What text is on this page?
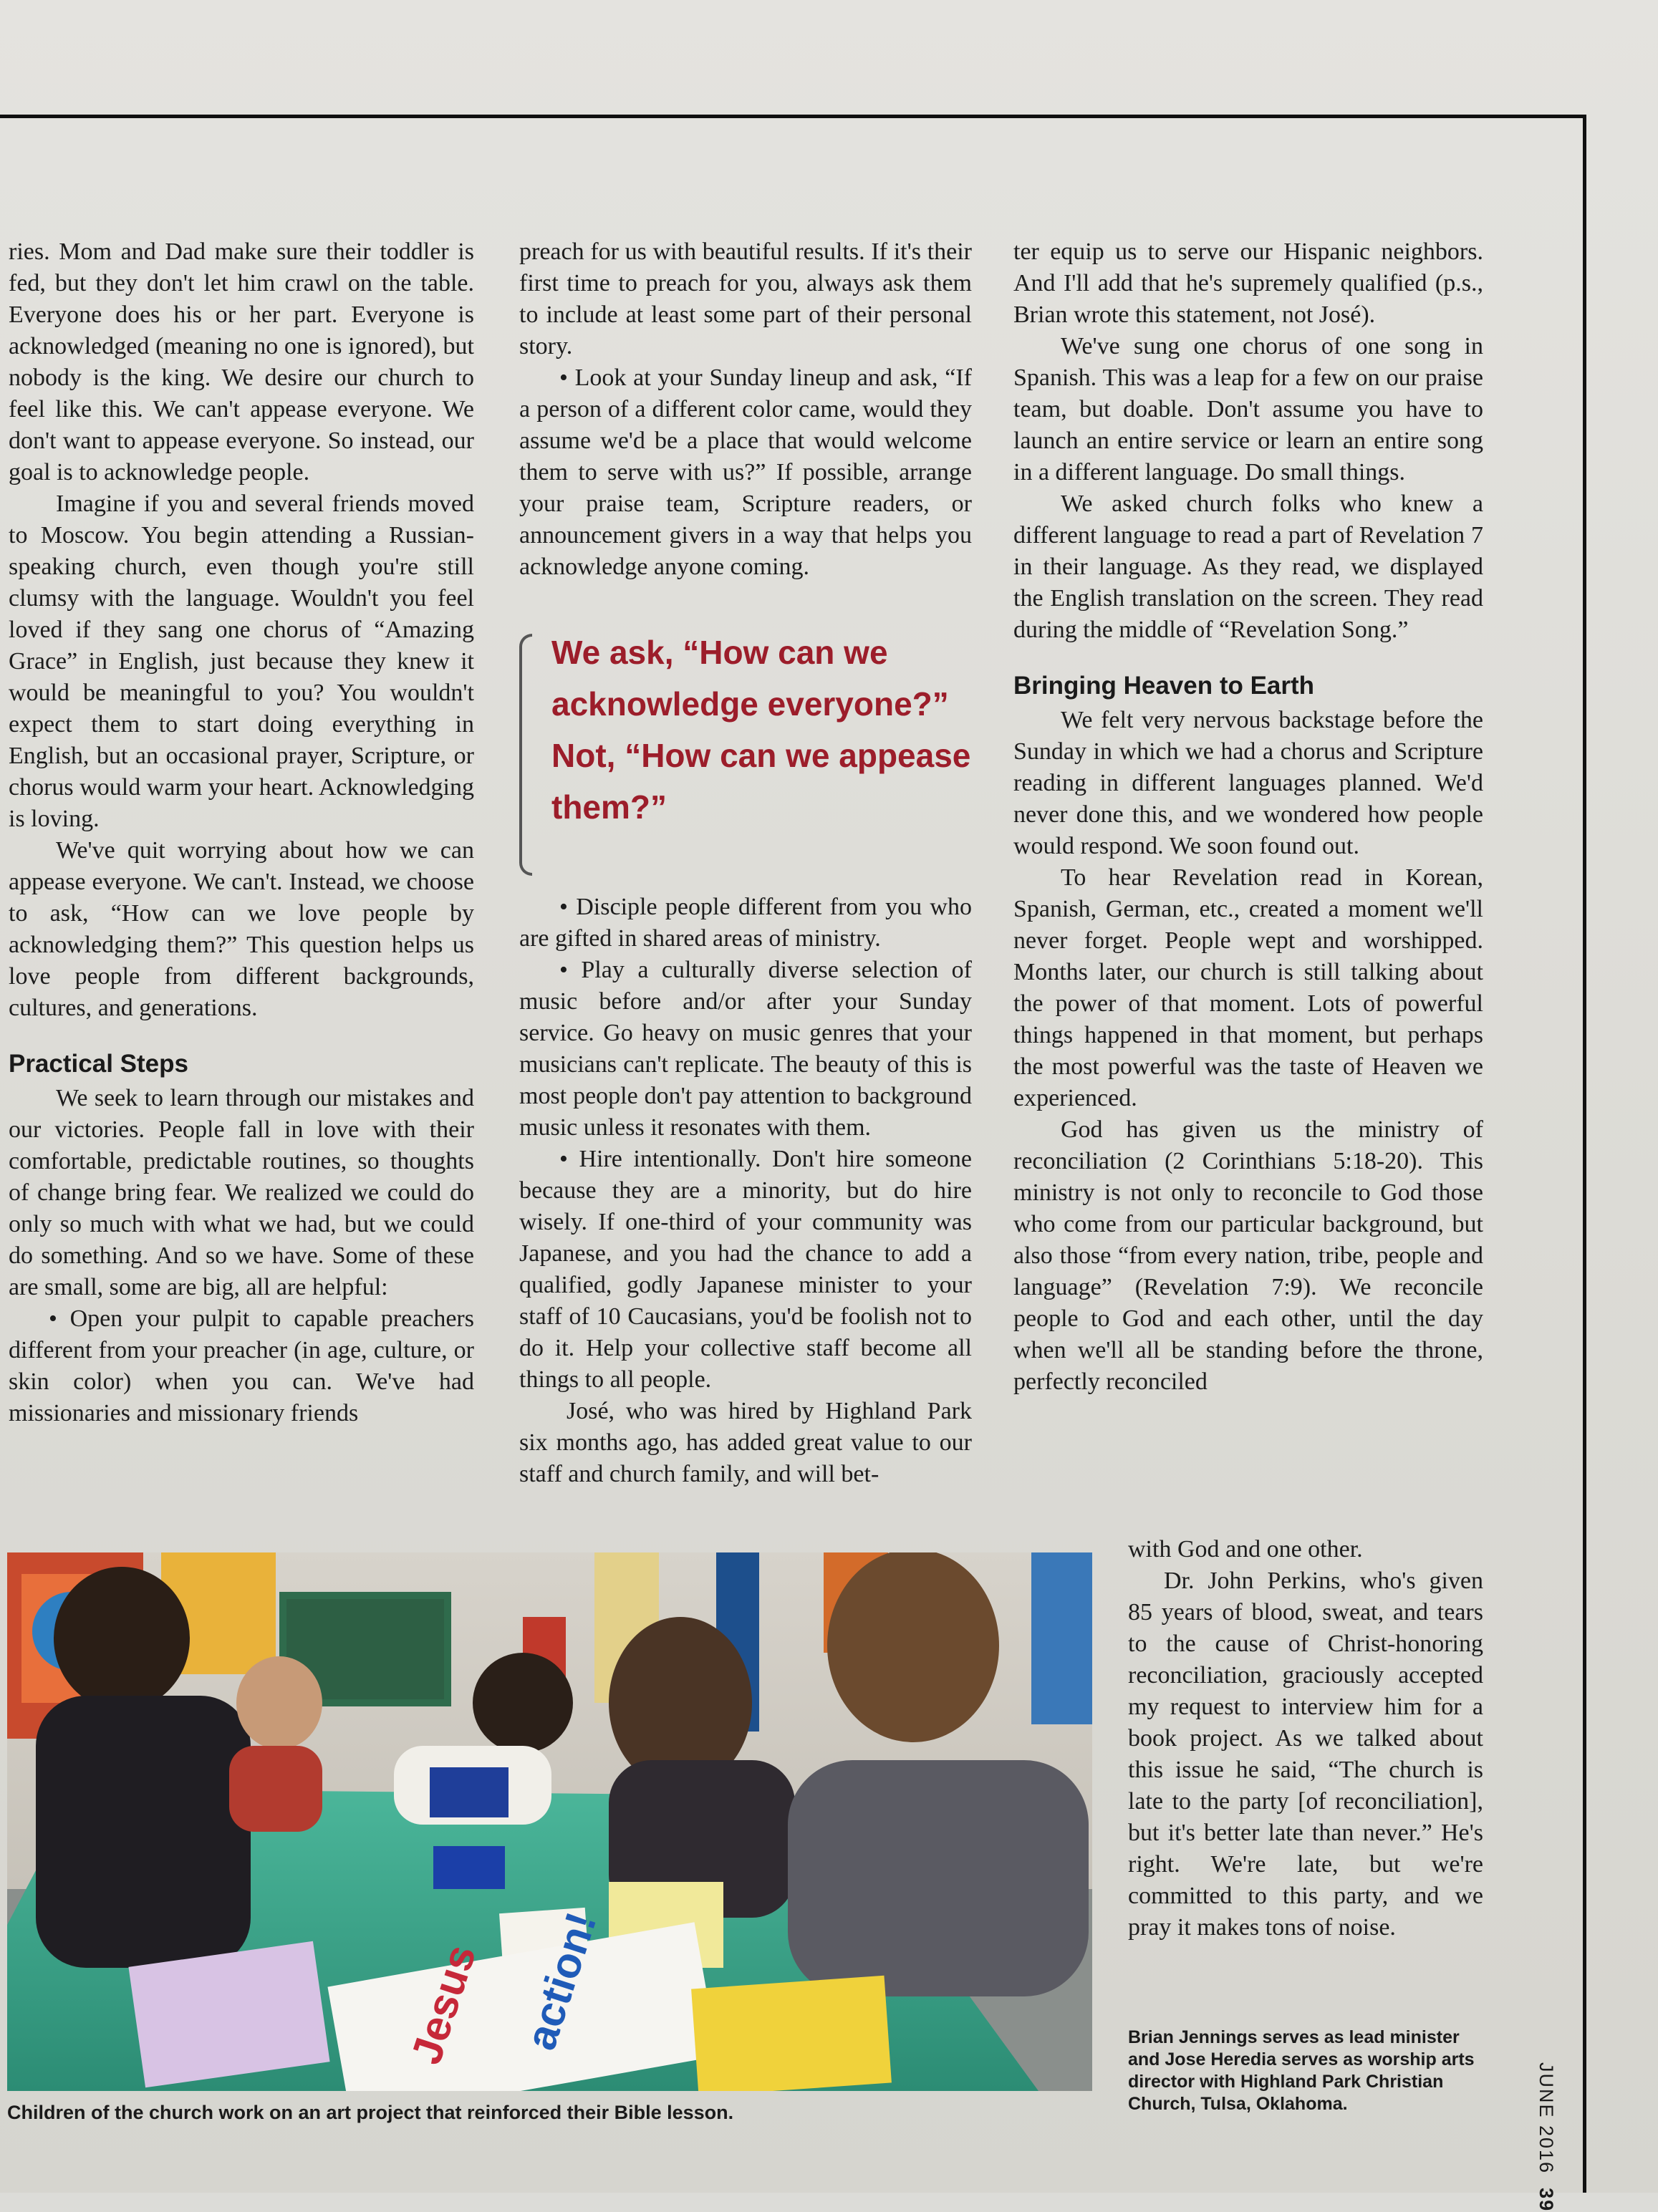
ries. Mom and Dad make sure their toddler is fed, but they don't let him crawl on the table. Everyone does his or her part. Everyone is acknowledged (meaning no one is ignored), but nobody is the king. We desire our church to feel like this. We can't appease everyone. We don't want to appease everyone. So instead, our goal is to acknowledge people.

Imagine if you and several friends moved to Moscow. You begin attending a Russian-speaking church, even though you're still clumsy with the language. Wouldn't you feel loved if they sang one chorus of “Amazing Grace” in English, just because they knew it would be meaningful to you? You wouldn't expect them to start doing everything in English, but an occasional prayer, Scripture, or chorus would warm your heart. Acknowledging is loving.

We've quit worrying about how we can appease everyone. We can't. Instead, we choose to ask, “How can we love people by acknowledging them?” This question helps us love people from different backgrounds, cultures, and generations.

Practical Steps

We seek to learn through our mistakes and our victories. People fall in love with their comfortable, predictable routines, so thoughts of change bring fear. We realized we could do only so much with what we had, but we could do something. And so we have. Some of these are small, some are big, all are helpful:

• Open your pulpit to capable preachers different from your preacher (in age, culture, or skin color) when you can. We've had missionaries and missionary friends

preach for us with beautiful results. If it's their first time to preach for you, always ask them to include at least some part of their personal story.

• Look at your Sunday lineup and ask, “If a person of a different color came, would they assume we'd be a place that would welcome them to serve with us?” If possible, arrange your praise team, Scripture readers, or announcement givers in a way that helps you acknowledge anyone coming.

We ask, “How can we acknowledge everyone?” Not, “How can we appease them?”

• Disciple people different from you who are gifted in shared areas of ministry.

• Play a culturally diverse selection of music before and/or after your Sunday service. Go heavy on music genres that your musicians can't replicate. The beauty of this is most people don't pay attention to background music unless it resonates with them.

• Hire intentionally. Don't hire someone because they are a minority, but do hire wisely. If one-third of your community was Japanese, and you had the chance to add a qualified, godly Japanese minister to your staff of 10 Caucasians, you'd be foolish not to do it. Help your collective staff become all things to all people.

José, who was hired by Highland Park six months ago, has added great value to our staff and church family, and will bet-

ter equip us to serve our Hispanic neighbors. And I'll add that he's supremely qualified (p.s., Brian wrote this statement, not José).

We've sung one chorus of one song in Spanish. This was a leap for a few on our praise team, but doable. Don't assume you have to launch an entire service or learn an entire song in a different language. Do small things.

We asked church folks who knew a different language to read a part of Revelation 7 in their language. As they read, we displayed the English translation on the screen. They read during the middle of “Revelation Song.”

Bringing Heaven to Earth

We felt very nervous backstage before the Sunday in which we had a chorus and Scripture reading in different languages planned. We'd never done this, and we wondered how people would respond. We soon found out.

To hear Revelation read in Korean, Spanish, German, etc., created a moment we'll never forget. People wept and worshipped. Months later, our church is still talking about the power of that moment. Lots of powerful things happened in that moment, but perhaps the most powerful was the taste of Heaven we experienced.

God has given us the ministry of reconciliation (2 Corinthians 5:18-20). This ministry is not only to reconcile to God those who come from our particular background, but also those “from every nation, tribe, people and language” (Revelation 7:9). We reconcile people to God and each other, until the day when we'll all be standing before the throne, perfectly reconciled

with God and one other.

Dr. John Perkins, who's given 85 years of blood, sweat, and tears to the cause of Christ-honoring reconciliation, graciously accepted my request to interview him for a book project. As we talked about this issue he said, “The church is late to the party [of reconciliation], but it's better late than never.” He's right. We're late, but we're committed to this party, and we pray it makes tons of noise.

Jesus action!
Children of the church work on an art project that reinforced their Bible lesson.
Brian Jennings serves as lead minister and Jose Heredia serves as worship arts director with Highland Park Christian Church, Tulsa, Oklahoma.	JUNE 2016  39
